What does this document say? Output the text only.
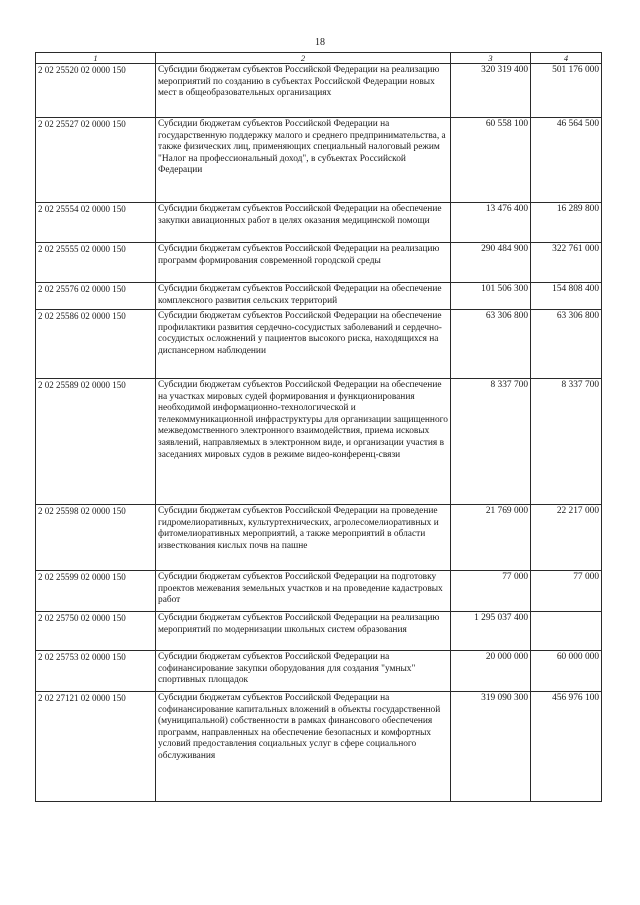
18
1	2	3	4
2 02 25520 02 0000 150	Субсидии бюджетам субъектов Российской Федерации на реализацию мероприятий по созданию в субъектах Российской Федерации новых мест в общеобразовательных организациях	320 319 400	501 176 000
2 02 25527 02 0000 150	Субсидии бюджетам субъектов Российской Федерации на государственную поддержку малого и среднего предпринимательства, а также физических лиц, применяющих специальный налоговый режим "Налог на профессиональный доход", в субъектах Российской Федерации	60 558 100	46 564 500
2 02 25554 02 0000 150	Субсидии бюджетам субъектов Российской Федерации на обеспечение закупки авиационных работ в целях оказания медицинской помощи	13 476 400	16 289 800
2 02 25555 02 0000 150	Субсидии бюджетам субъектов Российской Федерации на реализацию программ формирования современной городской среды	290 484 900	322 761 000
2 02 25576 02 0000 150	Субсидии бюджетам субъектов Российской Федерации на обеспечение комплексного развития сельских территорий	101 506 300	154 808 400
2 02 25586 02 0000 150	Субсидии бюджетам субъектов Российской Федерации на обеспечение профилактики развития сердечно-сосудистых заболеваний и сердечно-сосудистых осложнений у пациентов высокого риска, находящихся на диспансерном наблюдении	63 306 800	63 306 800
2 02 25589 02 0000 150	Субсидии бюджетам субъектов Российской Федерации на обеспечение на участках мировых судей формирования и функционирования необходимой информационно-технологической и телекоммуникационной инфраструктуры для организации защищенного межведомственного электронного взаимодействия, приема исковых заявлений, направляемых в электронном виде, и организации участия в заседаниях мировых судов в режиме видео-конференц-связи	8 337 700	8 337 700
2 02 25598 02 0000 150	Субсидии бюджетам субъектов Российской Федерации на проведение гидромелиоративных, культуртехнических, агролесомелиоративных и фитомелиоративных мероприятий, а также мероприятий в области известкования кислых почв на пашне	21 769 000	22 217 000
2 02 25599 02 0000 150	Субсидии бюджетам субъектов Российской Федерации на подготовку проектов межевания земельных участков и на проведение кадастровых работ	77 000	77 000
2 02 25750 02 0000 150	Субсидии бюджетам субъектов Российской Федерации на реализацию мероприятий по модернизации школьных систем образования	1 295 037 400	
2 02 25753 02 0000 150	Субсидии бюджетам субъектов Российской Федерации на софинансирование закупки оборудования для создания "умных" спортивных площадок	20 000 000	60 000 000
2 02 27121 02 0000 150	Субсидии бюджетам субъектов Российской Федерации на софинансирование капитальных вложений в объекты государственной (муниципальной) собственности в рамках финансового обеспечения программ, направленных на обеспечение безопасных и комфортных условий предоставления социальных услуг в сфере социального обслуживания	319 090 300	456 976 100
